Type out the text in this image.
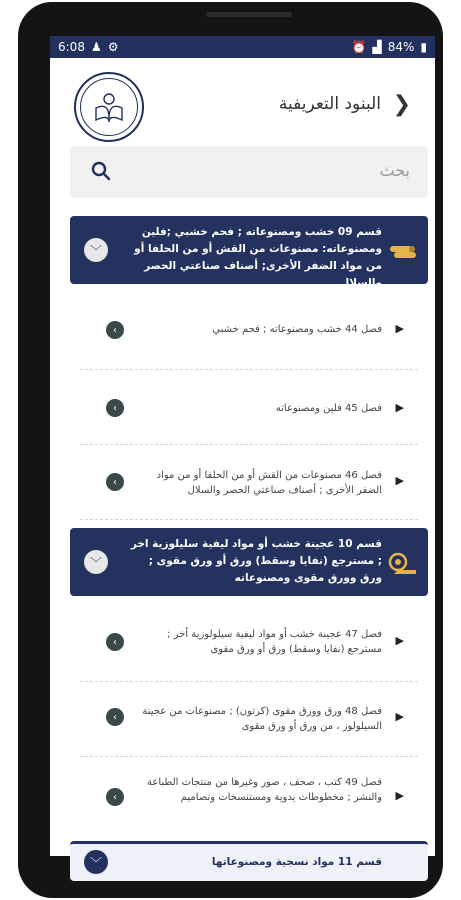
6:08 ♟ ⚙	⏰ ▟ 84% ▮
البنود التعريفية ❯
بحث
قسم 09 خشب ومصنوعاته ; فحم خشبي ;فلين ومصنوعاته: مصنوعات من القش أو من الحلفا أو من مواد الضفر الأخرى; أصناف صناعتي الحصر والسلال
﹀
فصل 44 خشب ومصنوعاته ; فحم خشبي ▶
‹
فصل 45 فلين ومصنوعاته ▶
‹
فصل 46 مصنوعات من القش أو من الحلفا أو من مواد الضفر الأخرى ; أصناف صناعتي الحصر والسلال
▶
‹
قسم 10 عجينة خشب أو مواد ليفية سليلوزية اخر ; مسترجع (نفايا وسقط) ورق أو ورق مقوى ; ورق وورق مقوى ومصنوعاته
﹀
فصل 47 عجينة خشب أو مواد ليفية سيلولوزية أخر ; مسترجع (نفايا وسقط) ورق أو ورق مقوى
▶
‹
فصل 48 ورق وورق مقوى (كرتون) ; مصنوعات من عجينة السيلولوز ، من ورق أو ورق مقوى
▶
‹
فصل 49 كتب ، صحف ، صور وغيرها من منتجات الطباعة والنشر ; مخطوطات يدوية ومستنسخات وتصاميم ▶
‹
قسم 11 مواد نسجية ومصنوعاتها
﹀
